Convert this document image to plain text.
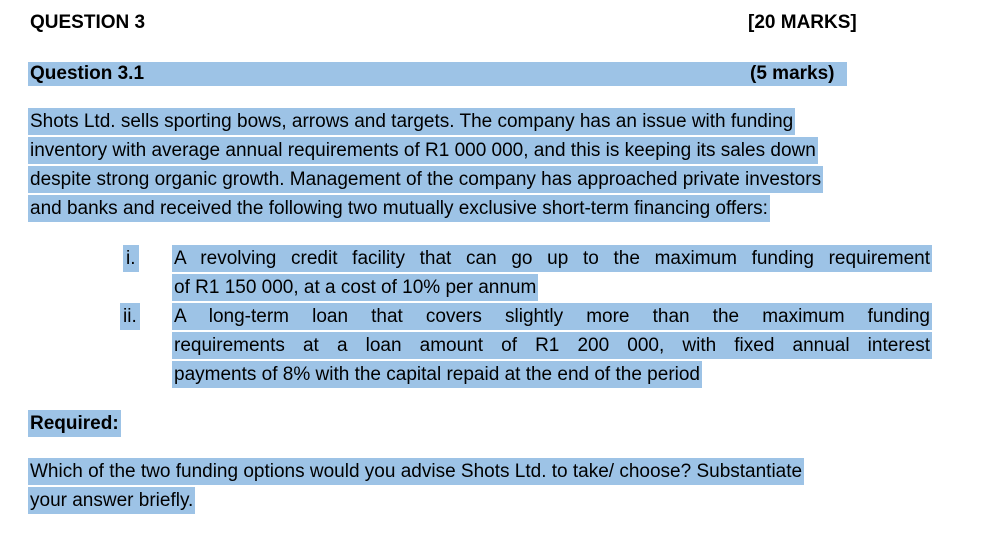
QUESTION 3	[20 MARKS]
Question 3.1	(5 marks)
Shots Ltd. sells sporting bows, arrows and targets. The company has an issue with funding
inventory with average annual requirements of R1 000 000, and this is keeping its sales down
despite strong organic growth. Management of the company has approached private investors
and banks and received the following two mutually exclusive short-term financing offers:
i. A revolving credit facility that can go up to the maximum funding requirement
of R1 150 000, at a cost of 10% per annum
ii. A long-term loan that covers slightly more than the maximum funding
requirements at a loan amount of R1 200 000, with fixed annual interest
payments of 8% with the capital repaid at the end of the period
Required:
Which of the two funding options would you advise Shots Ltd. to take/ choose? Substantiate
your answer briefly.
